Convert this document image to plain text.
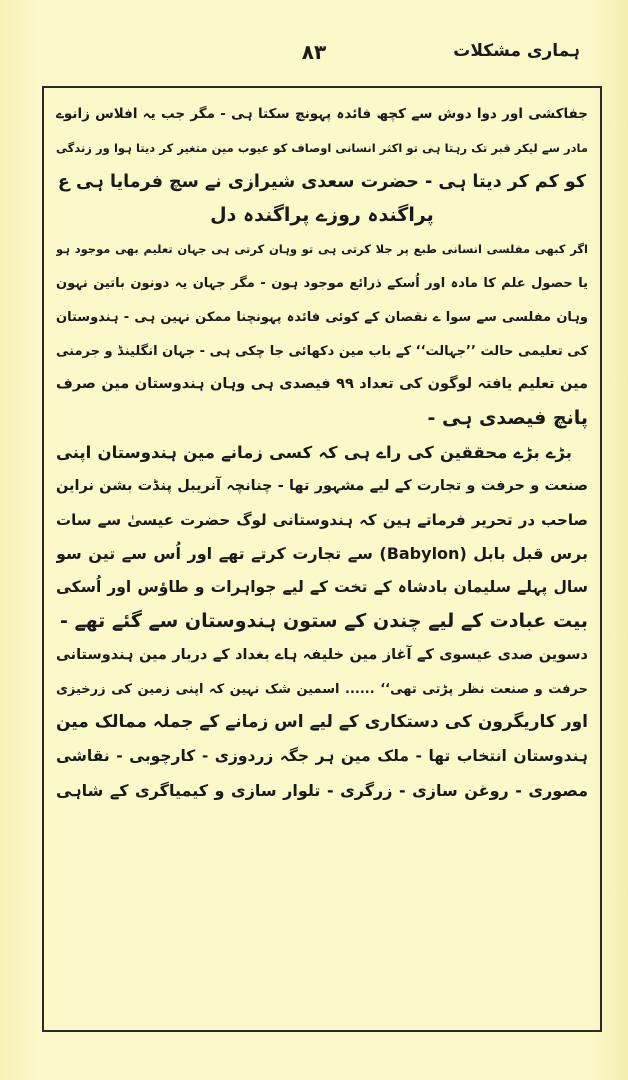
ہماری مشکلات
۸۳
جفاکشی اور دوا دوش سے کچھ فائدہ پہونچ سکتا ہی - مگر جب یہ افلاس زانوے
مادر سے لیکر قبر تک رہتا ہی تو اکثر انسانی اوصاف کو عیوب مین متغیر کر دیتا ہوا ور زندگی
کو کم کر دیتا ہی - حضرت سعدی شیرازی نے سچ فرمایا ہی ع
پراگندہ روزے پراگندہ دل
اگر کبھی مفلسی انسانی طبع پر جلا کرتی ہی تو وہان کرتی ہی جہان تعلیم بھی موجود ہو
یا حصول علم کا مادہ اور اُسکے ذرائع موجود ہون - مگر جہان یہ دونون باتین نہون
وہان مفلسی سے سوا ے نقصان کے کوئی فائدہ پہونچنا ممکن نہین ہی - ہندوستان
کی تعلیمی حالت ’’جہالت‘‘ کے باب مین دکھائی جا چکی ہی - جہان انگلینڈ و جرمنی
مین تعلیم یافتہ لوگون کی تعداد ۹۹ فیصدی ہی وہان ہندوستان مین صرف
پانچ فیصدی ہی -
بڑے بڑے محققین کی راے ہی کہ کسی زمانے مین ہندوستان اپنی
صنعت و حرفت و تجارت کے لیے مشہور تھا - چنانچہ آنریبل پنڈت بشن نراین
صاحب در تحریر فرماتے ہین کہ ہندوستانی لوگ حضرت عیسیٰ سے سات
برس قبل بابل (Babylon) سے تجارت کرتے تھے اور اُس سے تین سو
سال پہلے سلیمان بادشاہ کے تخت کے لیے جواہرات و طاؤس اور اُسکی
بیت عبادت کے لیے چندن کے ستون ہندوستان سے گئے تھے -
دسوین صدی عیسوی کے آغاز مین خلیفہ ہاے بغداد کے دربار مین ہندوستانی
حرفت و صنعت نظر پڑتی تھی‘‘ ...... اسمین شک نہین کہ اپنی زمین کی زرخیزی
اور کاریگرون کی دستکاری کے لیے اس زمانے کے جملہ ممالک مین
ہندوستان انتخاب تھا - ملک مین ہر جگہ زردوزی - کارچوبی - نقاشی
مصوری - روغن سازی - زرگری - تلوار سازی و کیمیاگری کے شاہی
